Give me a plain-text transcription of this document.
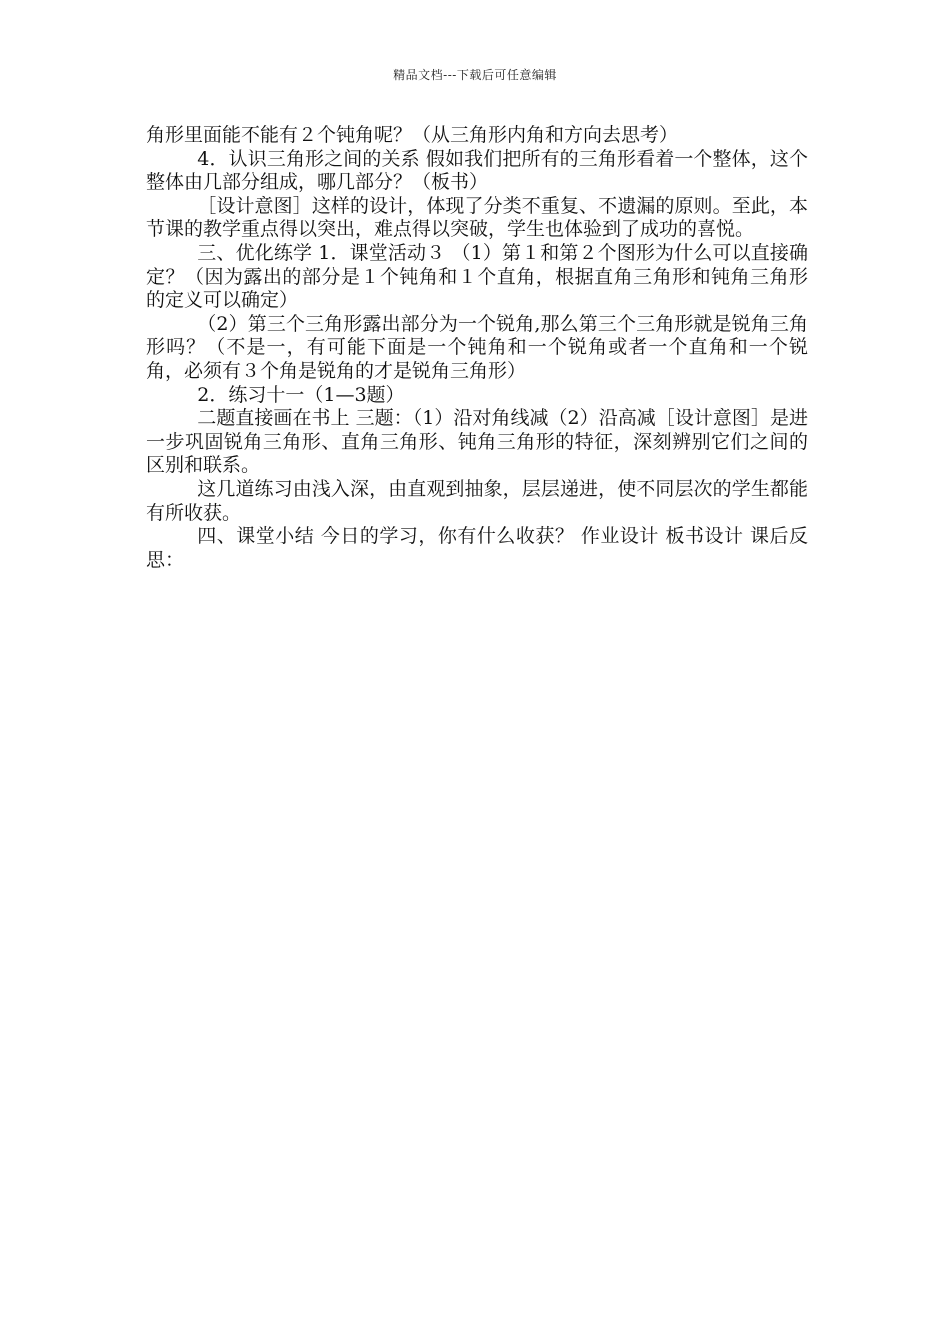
精品文档---下载后可任意编辑

角形里面能不能有２个钝角呢？（从三角形内角和方向去思考）

4．认识三角形之间的关系 假如我们把所有的三角形看着一个整体，这个整体由几部分组成，哪几部分？（板书）

［设计意图］这样的设计，体现了分类不重复、不遗漏的原则。至此，本节课的教学重点得以突出，难点得以突破，学生也体验到了成功的喜悦。

三、优化练学 1．课堂活动３ （1）第１和第２个图形为什么可以直接确定？（因为露出的部分是１个钝角和１个直角，根据直角三角形和钝角三角形的定义可以确定）

（2）第三个三角形露出部分为一个锐角,那么第三个三角形就是锐角三角形吗？（不是一，有可能下面是一个钝角和一个锐角或者一个直角和一个锐角，必须有３个角是锐角的才是锐角三角形）

2．练习十一（1—3题）

二题直接画在书上 三题：（1）沿对角线减（2）沿高减［设计意图］是进一步巩固锐角三角形、直角三角形、钝角三角形的特征，深刻辨别它们之间的区别和联系。

这几道练习由浅入深，由直观到抽象，层层递进，使不同层次的学生都能有所收获。

四、课堂小结 今日的学习，你有什么收获？ 作业设计 板书设计 课后反思：
